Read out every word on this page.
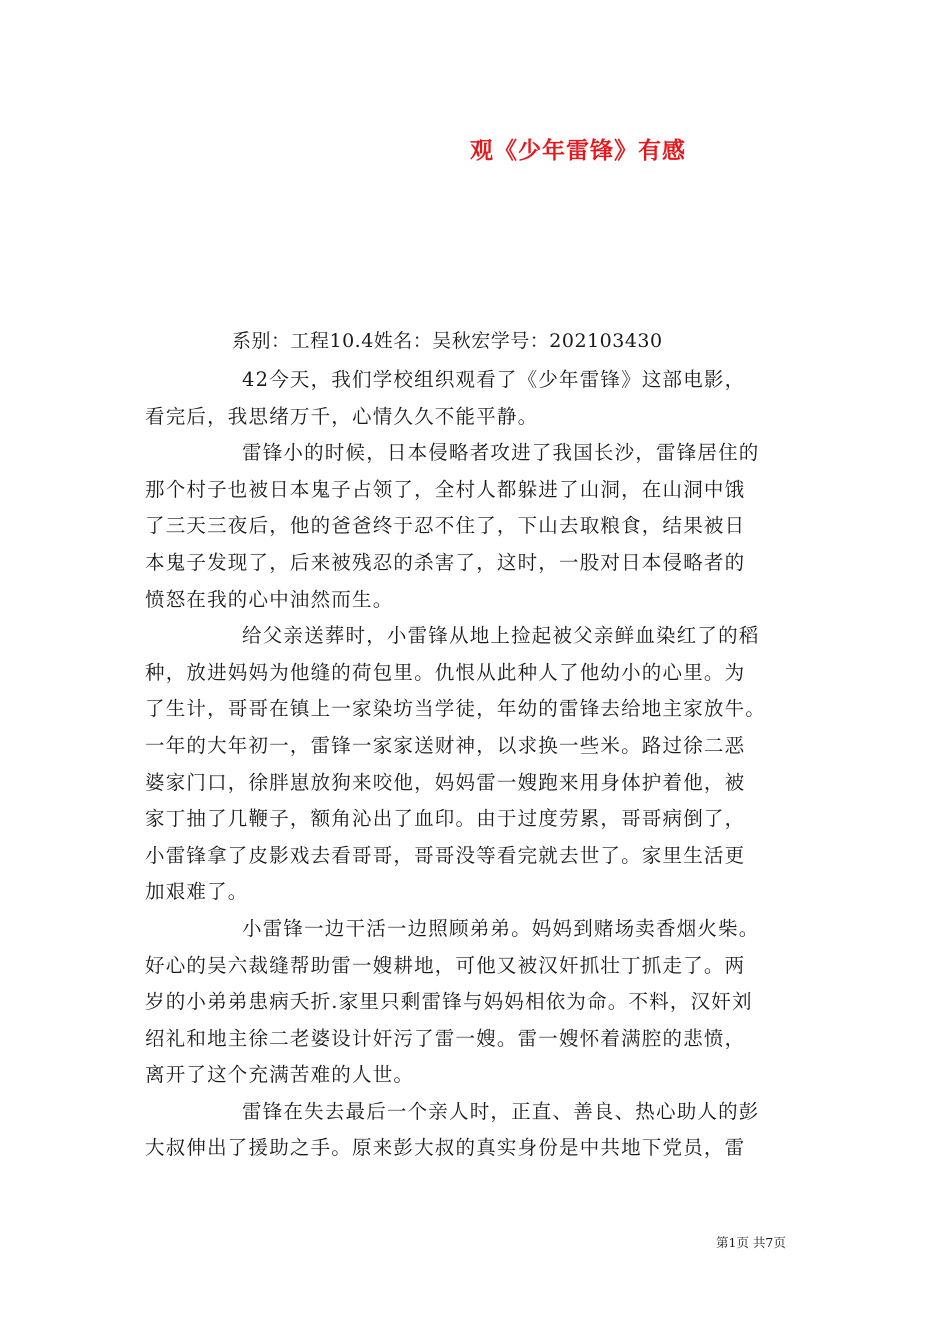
观《少年雷锋》有感
系别：工程10.4姓名：吴秋宏学号：202103430
42今天，我们学校组织观看了《少年雷锋》这部电影，
看完后，我思绪万千，心情久久不能平静。
雷锋小的时候，日本侵略者攻进了我国长沙，雷锋居住的
那个村子也被日本鬼子占领了，全村人都躲进了山洞，在山洞中饿
了三天三夜后，他的爸爸终于忍不住了，下山去取粮食，结果被日
本鬼子发现了，后来被残忍的杀害了，这时，一股对日本侵略者的
愤怒在我的心中油然而生。
给父亲送葬时，小雷锋从地上捡起被父亲鲜血染红了的稻
种，放进妈妈为他缝的荷包里。仇恨从此种人了他幼小的心里。为
了生计，哥哥在镇上一家染坊当学徒，年幼的雷锋去给地主家放牛。
一年的大年初一，雷锋一家家送财神，以求换一些米。路过徐二恶
婆家门口，徐胖崽放狗来咬他，妈妈雷一嫂跑来用身体护着他，被
家丁抽了几鞭子，额角沁出了血印。由于过度劳累，哥哥病倒了，
小雷锋拿了皮影戏去看哥哥，哥哥没等看完就去世了。家里生活更
加艰难了。
小雷锋一边干活一边照顾弟弟。妈妈到赌场卖香烟火柴。
好心的吴六裁缝帮助雷一嫂耕地，可他又被汉奸抓壮丁抓走了。两
岁的小弟弟患病夭折.家里只剩雷锋与妈妈相依为命。不料，汉奸刘
绍礼和地主徐二老婆设计奸污了雷一嫂。雷一嫂怀着满腔的悲愤，
离开了这个充满苦难的人世。
雷锋在失去最后一个亲人时，正直、善良、热心助人的彭
大叔伸出了援助之手。原来彭大叔的真实身份是中共地下党员，雷
第1页 共7页
